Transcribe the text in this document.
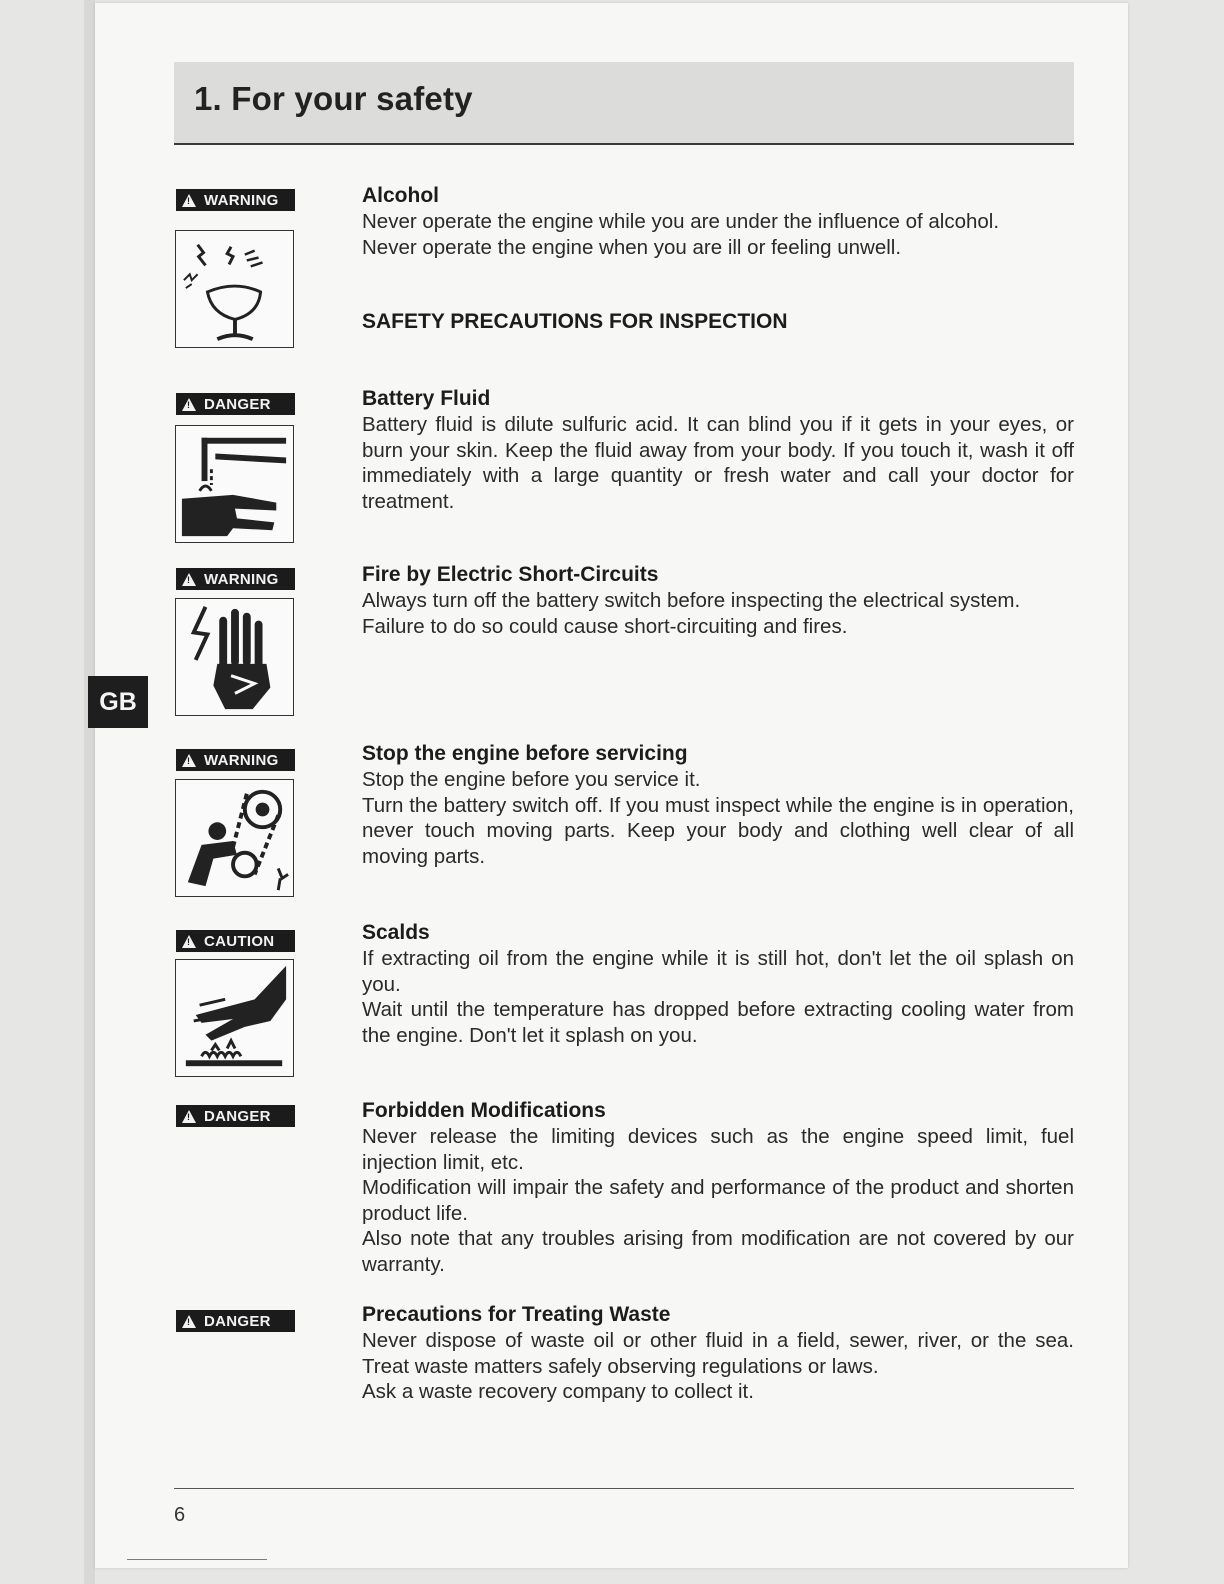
1. For your safety
GB
!
WARNING	Alcohol

Never operate the engine while you are under the influence of alcohol.

Never operate the engine when you are ill or feeling unwell.

SAFETY PRECAUTIONS FOR INSPECTION
!
DANGER	Battery Fluid

Battery fluid is dilute sulfuric acid. It can blind you if it gets in your eyes, or burn your skin. Keep the fluid away from your body. If you touch it, wash it off immediately with a large quantity or fresh water and call your doctor for treatment.

!
WARNING	Fire by Electric Short-Circuits

Always turn off the battery switch before inspecting the electrical system.

Failure to do so could cause short-circuiting and fires.

!
WARNING	Stop the engine before servicing

Stop the engine before you service it.

Turn the battery switch off. If you must inspect while the engine is in operation, never touch moving parts. Keep your body and clothing well clear of all moving parts.

!
CAUTION	Scalds

If extracting oil from the engine while it is still hot, don't let the oil splash on you.

Wait until the temperature has dropped before extracting cooling water from the engine. Don't let it splash on you.

!
DANGER	Forbidden Modifications

Never release the limiting devices such as the engine speed limit, fuel injection limit, etc.

Modification will impair the safety and performance of the product and shorten product life.

Also note that any troubles arising from modification are not covered by our warranty.

!
DANGER	Precautions for Treating Waste

Never dispose of waste oil or other fluid in a field, sewer, river, or the sea. Treat waste matters safely observing regulations or laws.

Ask a waste recovery company to collect it.

6
